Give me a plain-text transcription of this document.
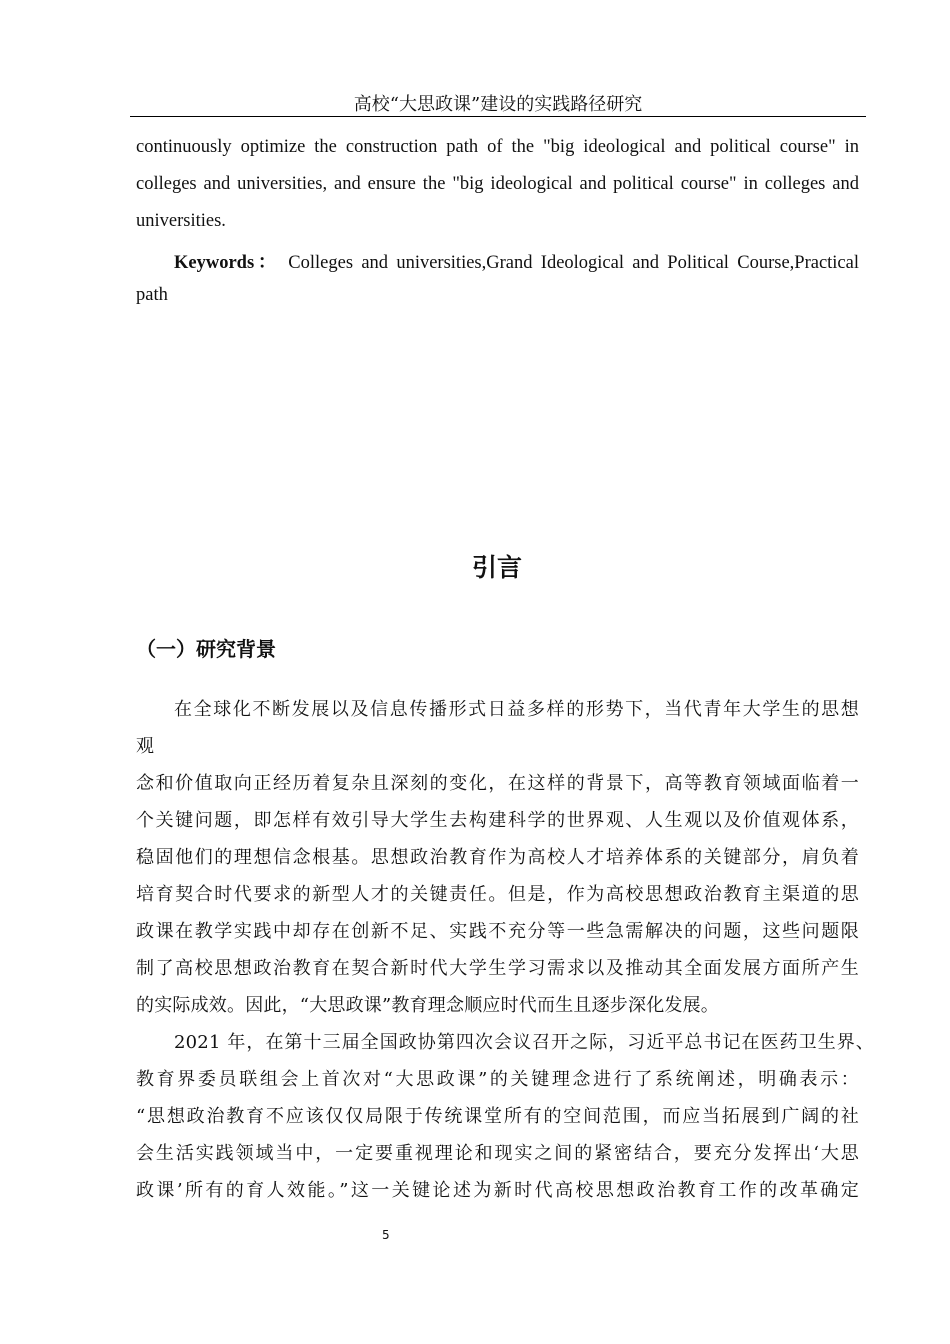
高校“大思政课”建设的实践路径研究
continuously optimize the construction path of the "big ideological and political course" in
colleges and universities, and ensure the "big ideological and political course" in colleges and
universities.
Keywords： Colleges and universities,Grand Ideological and Political Course,Practical
path
引言
（一）研究背景
在全球化不断发展以及信息传播形式日益多样的形势下，当代青年大学生的思想
观
念和价值取向正经历着复杂且深刻的变化，在这样的背景下，高等教育领域面临着一
个关键问题，即怎样有效引导大学生去构建科学的世界观、人生观以及价值观体系，
稳固他们的理想信念根基。思想政治教育作为高校人才培养体系的关键部分，肩负着
培育契合时代要求的新型人才的关键责任。但是，作为高校思想政治教育主渠道的思
政课在教学实践中却存在创新不足、实践不充分等一些急需解决的问题，这些问题限
制了高校思想政治教育在契合新时代大学生学习需求以及推动其全面发展方面所产生
的实际成效。因此，“大思政课”教育理念顺应时代而生且逐步深化发展。
2021 年，在第十三届全国政协第四次会议召开之际，习近平总书记在医药卫生界、
教育界委员联组会上首次对“大思政课”的关键理念进行了系统阐述，明确表示：
“思想政治教育不应该仅仅局限于传统课堂所有的空间范围，而应当拓展到广阔的社
会生活实践领域当中，一定要重视理论和现实之间的紧密结合，要充分发挥出‘大思
政课’所有的育人效能。”这一关键论述为新时代高校思想政治教育工作的改革确定
5
